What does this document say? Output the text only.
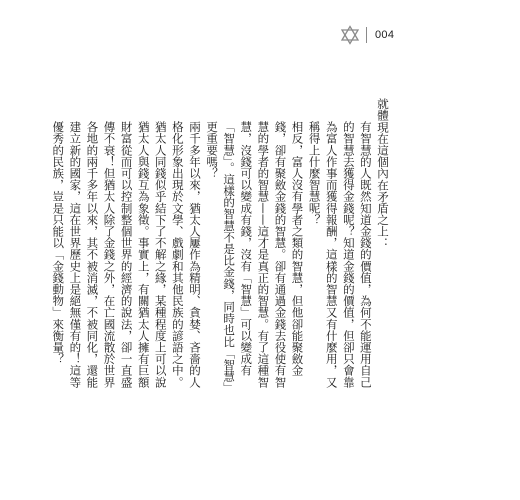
004

就體現在這個內在矛盾之上：

有智慧的人既然知道金錢的價值，為何不能運用自己的智慧去獲得金錢呢？知道金錢的價值，但卻只會靠為富人作事而獲得報酬，這樣的智慧又有什麼用，又稱得上什麼智慧呢？

相反，富人沒有學者之類的智慧，但他卻能聚斂金錢，卻有聚斂金錢的智慧。卻有通過金錢去役使有智慧的學者的智慧——這才是真正的智慧。有了這種智慧，沒錢可以變成有錢，沒有「智慧」可以變成有「智慧」。這樣的智慧不是比金錢，同時也比「智慧」更重要嗎？

兩千多年以來，猶太人屢作為精明、貪婪、吝嗇的人格化形象出現於文學、戲劇和其他民族的諺語之中。猶太人同錢似乎結下了不解之緣，某種程度上可以說猶太人與錢互為象徵。事實上，有關猶太人擁有巨額財富從而可以控制整個世界的經濟的說法，卻一直盛傳不衰！但猶太人除了金錢之外，在亡國流散於世界各地的兩千多年以來，其不被消滅，不被同化，還能建立新的國家，這在世界歷史上是絕無僅有的！這等優秀的民族，豈是只能以「金錢動物」來衡量？
